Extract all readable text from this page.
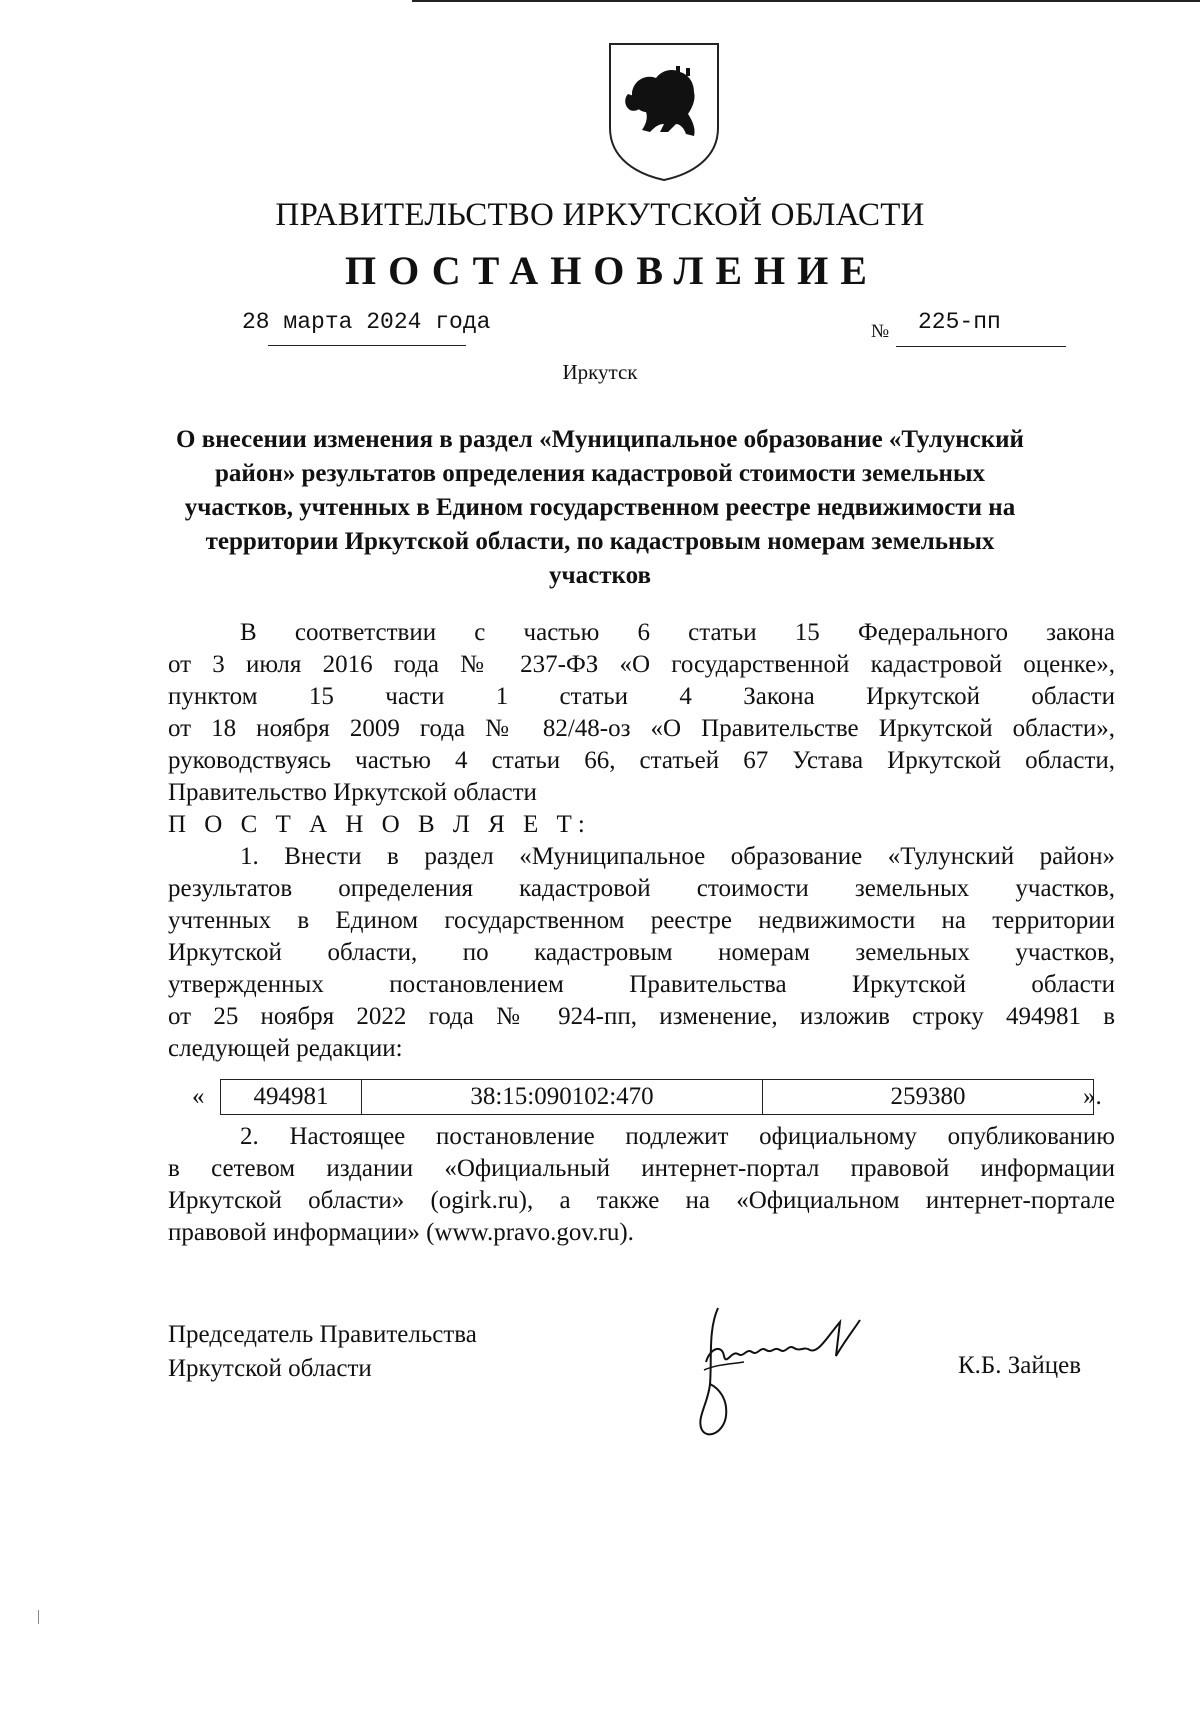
ПРАВИТЕЛЬСТВО ИРКУТСКОЙ ОБЛАСТИ
ПОСТАНОВЛЕНИЕ
28 марта 2024 года	№ 225-пп
Иркутск
О внесении изменения в раздел «Муниципальное образование «Тулунский район» результатов определения кадастровой стоимости земельных участков, учтенных в Едином государственном реестре недвижимости на территории Иркутской области, по кадастровым номерам земельных участков

В соответствии с частью 6 статьи 15 Федерального закона

от 3 июля 2016 года № 237-ФЗ «О государственной кадастровой оценке»,

пунктом 15 части 1 статьи 4 Закона Иркутской области

от 18 ноября 2009 года № 82/48-оз «О Правительстве Иркутской области»,

руководствуясь частью 4 статьи 66, статьей 67 Устава Иркутской области,

Правительство Иркутской области

П О С Т А Н О В Л Я Е Т:

1. Внести в раздел «Муниципальное образование «Тулунский район»

результатов определения кадастровой стоимости земельных участков,

учтенных в Едином государственном реестре недвижимости на территории

Иркутской области, по кадастровым номерам земельных участков,

утвержденных постановлением Правительства Иркутской области

от 25 ноября 2022 года № 924-пп, изменение, изложив строку 494981 в

следующей редакции:

« 494981	38:15:090102:470	259380	».

2. Настоящее постановление подлежит официальному опубликованию

в сетевом издании «Официальный интернет-портал правовой информации

Иркутской области» (ogirk.ru), а также на «Официальном интернет-портале

правовой информации» (www.pravo.gov.ru).

Председатель Правительства
Иркутской области	К.Б. Зайцев
